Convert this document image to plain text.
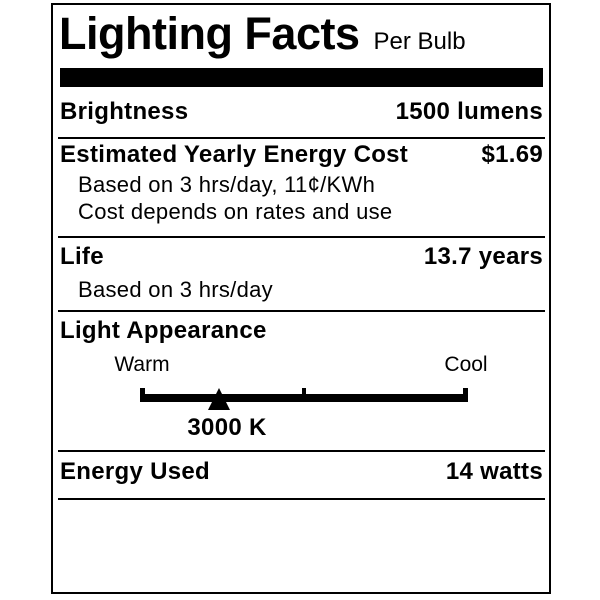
Lighting Facts Per Bulb
Brightness	1500 lumens
Estimated Yearly Energy Cost	$1.69
Based on 3 hrs/day, 11¢/KWh
Cost depends on rates and use
Life	13.7 years
Based on 3 hrs/day
Light Appearance
Warm	Cool
3000 K
Energy Used	14 watts
